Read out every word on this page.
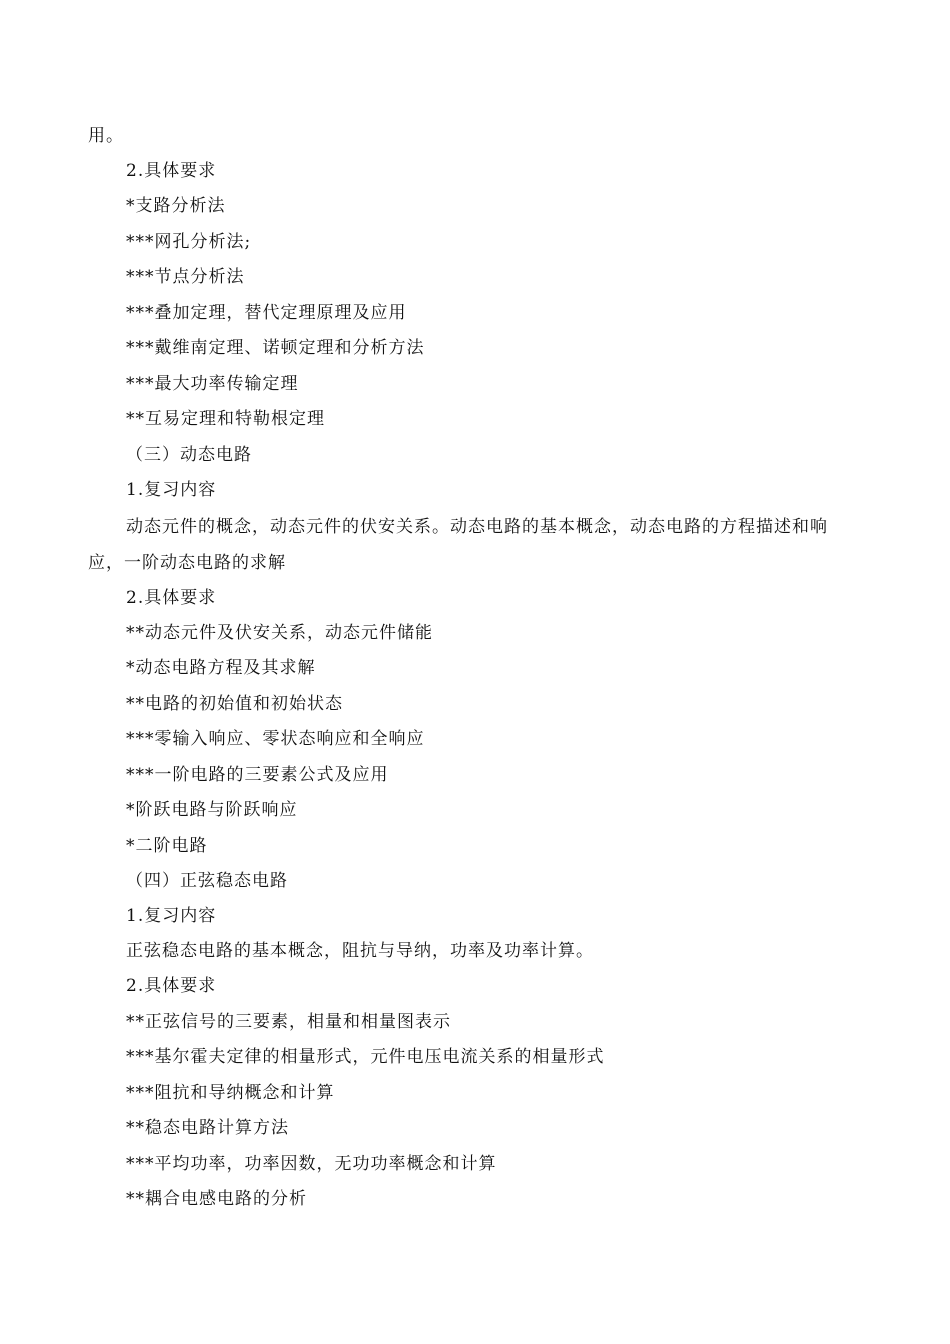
用。
2.具体要求
*支路分析法
***网孔分析法;
***节点分析法
***叠加定理，替代定理原理及应用
***戴维南定理、诺顿定理和分析方法
***最大功率传输定理
**互易定理和特勒根定理
（三）动态电路
1.复习内容
动态元件的概念，动态元件的伏安关系。动态电路的基本概念，动态电路的方程描述和响
应，一阶动态电路的求解
2.具体要求
**动态元件及伏安关系，动态元件储能
*动态电路方程及其求解
**电路的初始值和初始状态
***零输入响应、零状态响应和全响应
***一阶电路的三要素公式及应用
*阶跃电路与阶跃响应
*二阶电路
（四）正弦稳态电路
1.复习内容
正弦稳态电路的基本概念，阻抗与导纳，功率及功率计算。
2.具体要求
**正弦信号的三要素，相量和相量图表示
***基尔霍夫定律的相量形式，元件电压电流关系的相量形式
***阻抗和导纳概念和计算
**稳态电路计算方法
***平均功率，功率因数，无功功率概念和计算
**耦合电感电路的分析
